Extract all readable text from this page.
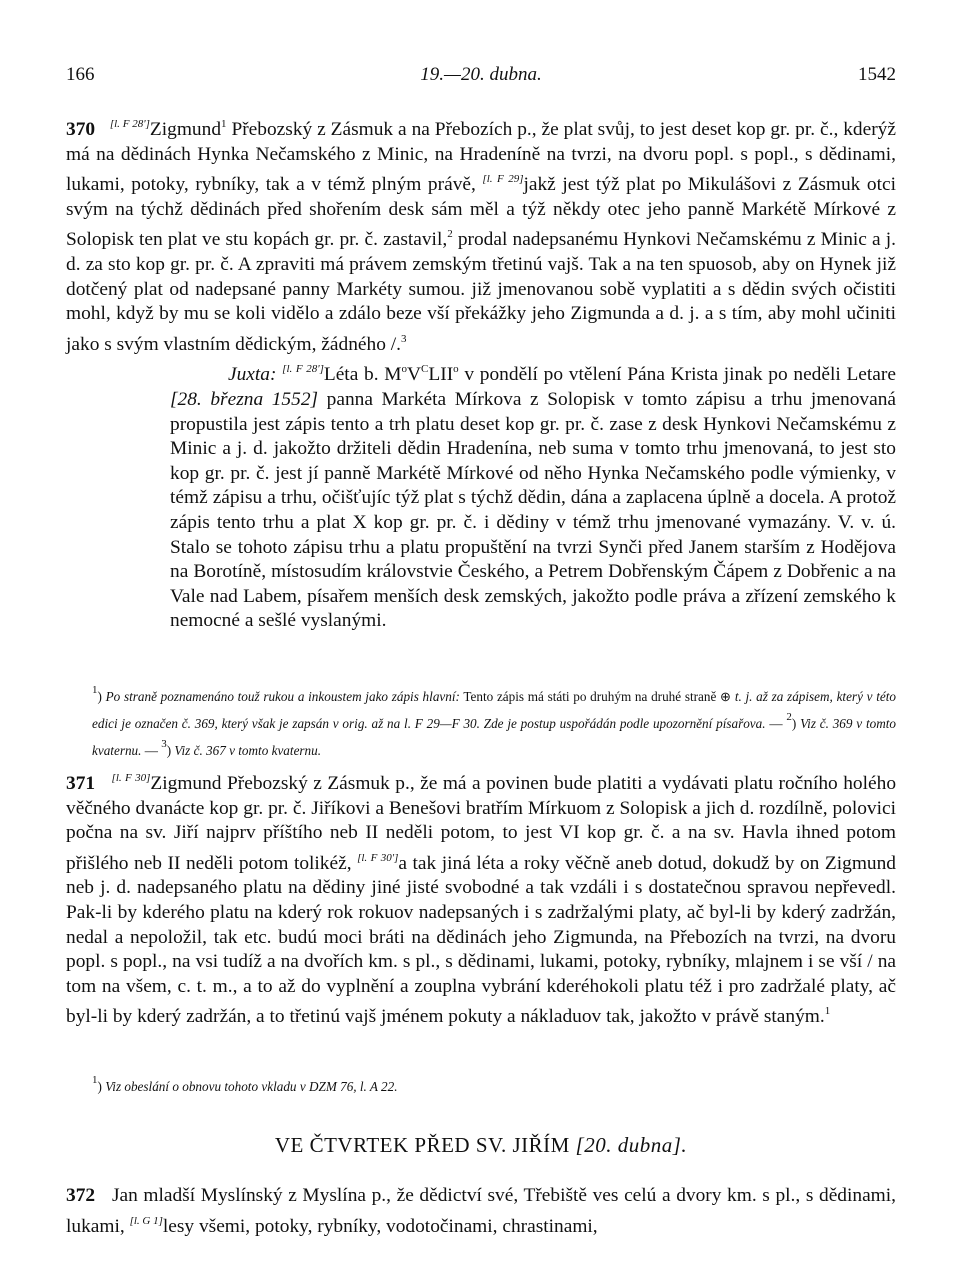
166	19.—20. dubna.	1542

370 [l. F 28']Zigmund$^1$ Přebozský z Zásmuk a na Přebozích p., že plat svůj, to jest deset kop gr. pr. č., kderýž má na dědinách Hynka Nečamského z Minic, na Hradeníně na tvrzi, na dvoru popl. s popl., s dědinami, lukami, potoky, rybníky, tak a v témž plným právě, [l. F 29]jakž jest týž plat po Mikulášovi z Zásmuk otci svým na týchž dědinách před shořením desk sám měl a týž někdy otec jeho panně Markétě Mírkové z Solopisk ten plat ve stu kopách gr. pr. č. zastavil,$^2$ prodal nadepsanému Hynkovi Nečamskému z Minic a j. d. za sto kop gr. pr. č. A zpraviti má právem zemským třetinú vajš. Tak a na ten spuosob, aby on Hynek již dotčený plat od nadepsané panny Markéty sumou. již jmenovanou sobě vyplatiti a s dědin svých očistiti mohl, když by mu se koli vidělo a zdálo beze vší překážky jeho Zigmunda a d. j. a s tím, aby mohl učiniti jako s svým vlastním dědickým, žádného /.$^3$

Juxta: [l. F 28']Léta b. $M^oV^CLII^o$ v pondělí po vtělení Pána Krista jinak po neděli Letare [28. března 1552] panna Markéta Mírkova z Solopisk v tomto zápisu a trhu jmenovaná propustila jest zápis tento a trh platu deset kop gr. pr. č. zase z desk Hynkovi Nečamskému z Minic a j. d. jakožto držiteli dědin Hradenína, neb suma v tomto trhu jmenovaná, to jest sto kop gr. pr. č. jest jí panně Markétě Mírkové od něho Hynka Nečamského podle výmienky, v témž zápisu a trhu, očišťujíc týž plat s týchž dědin, dána a zaplacena úplně a docela. A protož zápis tento trhu a plat X kop gr. pr. č. i dědiny v témž trhu jmenované vymazány. V. v. ú. Stalo se tohoto zápisu trhu a platu propuštění na tvrzi Synči před Janem starším z Hodějova na Borotíně, místosudím královstvie Českého, a Petrem Dobřenským Čápem z Dobřenic a na Vale nad Labem, písařem menších desk zemských, jakožto podle práva a zřízení zemského k nemocné a sešlé vyslanými.

$^1$) Po straně poznamenáno touž rukou a inkoustem jako zápis hlavní: Tento zápis má státi po druhým na druhé straně ⊕ t. j. až za zápisem, který v této edici je označen č. 369, který však je zapsán v orig. až na l. F 29—F 30. Zde je postup uspořádán podle upozornění písařova. — $^2$) Viz č. 369 v tomto kvaternu. — $^3$) Viz č. 367 v tomto kvaternu.

371 [l. F 30]Zigmund Přebozský z Zásmuk p., že má a povinen bude platiti a vydávati platu ročního holého věčného dvanácte kop gr. pr. č. Jiříkovi a Benešovi bratřím Mírkuom z Solopisk a jich d. rozdílně, polovici počna na sv. Jiří najprv příštího neb II neděli potom, to jest VI kop gr. č. a na sv. Havla ihned potom přišlého neb II neděli potom tolikéž, [l. F 30']a tak jiná léta a roky věčně aneb dotud, dokudž by on Zigmund neb j. d. nadepsaného platu na dědiny jiné jisté svobodné a tak vzdáli i s dostatečnou spravou nepřevedl. Pak-li by kderého platu na kderý rok rokuov nadepsaných i s zadržalými platy, ač byl-li by kderý zadržán, nedal a nepoložil, tak etc. budú moci bráti na dědinách jeho Zigmunda, na Přebozích na tvrzi, na dvoru popl. s popl., na vsi tudíž a na dvořích km. s pl., s dědinami, lukami, potoky, rybníky, mlajnem i se vší / na tom na všem, c. t. m., a to až do vyplnění a zouplna vybrání kderéhokoli platu též i pro zadržalé platy, ač byl-li by kderý zadržán, a to třetinú vajš jménem pokuty a nákladuov tak, jakožto v právě staným.$^1$

$^1$) Viz obeslání o obnovu tohoto vkladu v DZM 76, l. A 22.

VE ČTVRTEK PŘED SV. JIŘÍM [20. dubna].

372 Jan mladší Myslínský z Myslína p., že dědictví své, Třebiště ves celú a dvory km. s pl., s dědinami, lukami, [l. G 1]lesy všemi, potoky, rybníky, vodotočinami, chrastinami,
